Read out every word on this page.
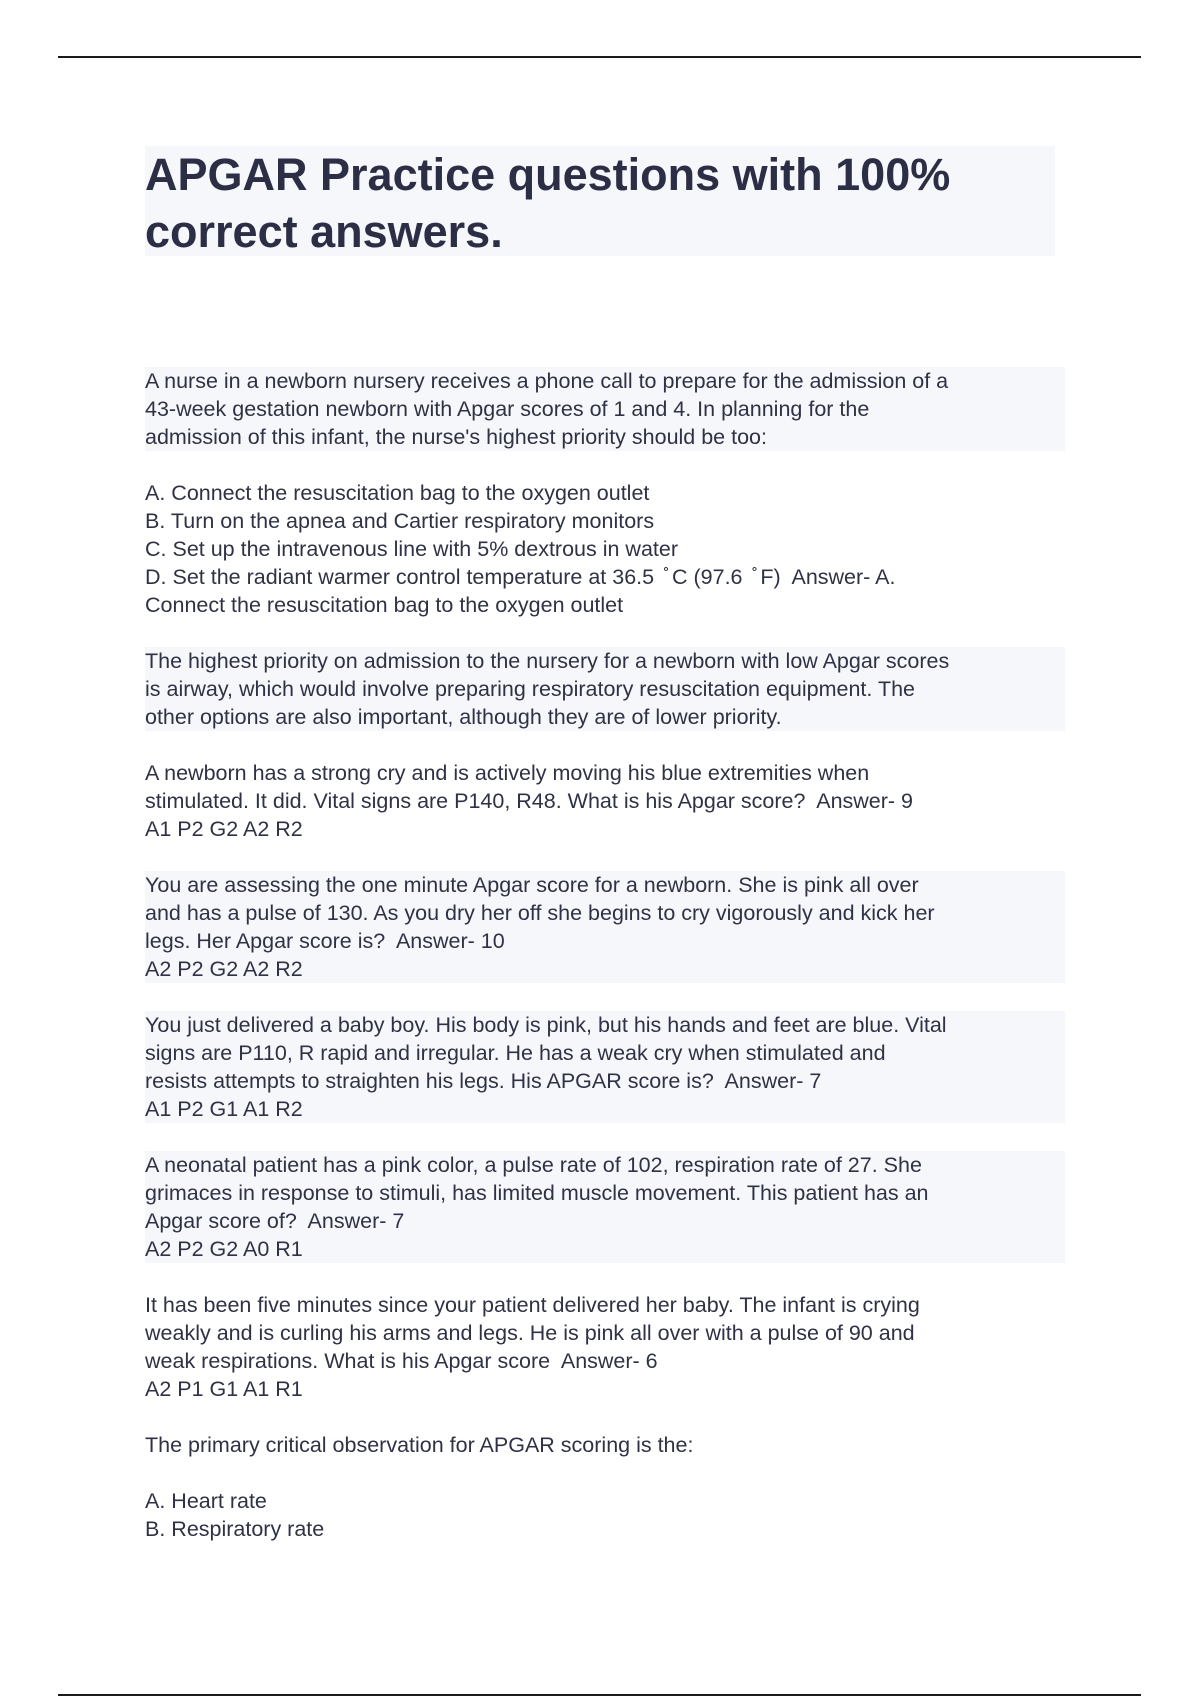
APGAR Practice questions with 100%
correct answers.
A nurse in a newborn nursery receives a phone call to prepare for the admission of a
43-week gestation newborn with Apgar scores of 1 and 4. In planning for the
admission of this infant, the nurse's highest priority should be too:
A. Connect the resuscitation bag to the oxygen outlet
B. Turn on the apnea and Cartier respiratory monitors
C. Set up the intravenous line with 5% dextrous in water
D. Set the radiant warmer control temperature at 36.5  ̊ C (97.6  ̊ F)  Answer- A.
Connect the resuscitation bag to the oxygen outlet
The highest priority on admission to the nursery for a newborn with low Apgar scores
is airway, which would involve preparing respiratory resuscitation equipment. The
other options are also important, although they are of lower priority.
A newborn has a strong cry and is actively moving his blue extremities when
stimulated. It did. Vital signs are P140, R48. What is his Apgar score?  Answer- 9
A1 P2 G2 A2 R2
You are assessing the one minute Apgar score for a newborn. She is pink all over
and has a pulse of 130. As you dry her off she begins to cry vigorously and kick her
legs. Her Apgar score is?  Answer- 10
A2 P2 G2 A2 R2
You just delivered a baby boy. His body is pink, but his hands and feet are blue. Vital
signs are P110, R rapid and irregular. He has a weak cry when stimulated and
resists attempts to straighten his legs. His APGAR score is?  Answer- 7
A1 P2 G1 A1 R2
A neonatal patient has a pink color, a pulse rate of 102, respiration rate of 27. She
grimaces in response to stimuli, has limited muscle movement. This patient has an
Apgar score of?  Answer- 7
A2 P2 G2 A0 R1
It has been five minutes since your patient delivered her baby. The infant is crying
weakly and is curling his arms and legs. He is pink all over with a pulse of 90 and
weak respirations. What is his Apgar score  Answer- 6
A2 P1 G1 A1 R1
The primary critical observation for APGAR scoring is the:
A. Heart rate
B. Respiratory rate
